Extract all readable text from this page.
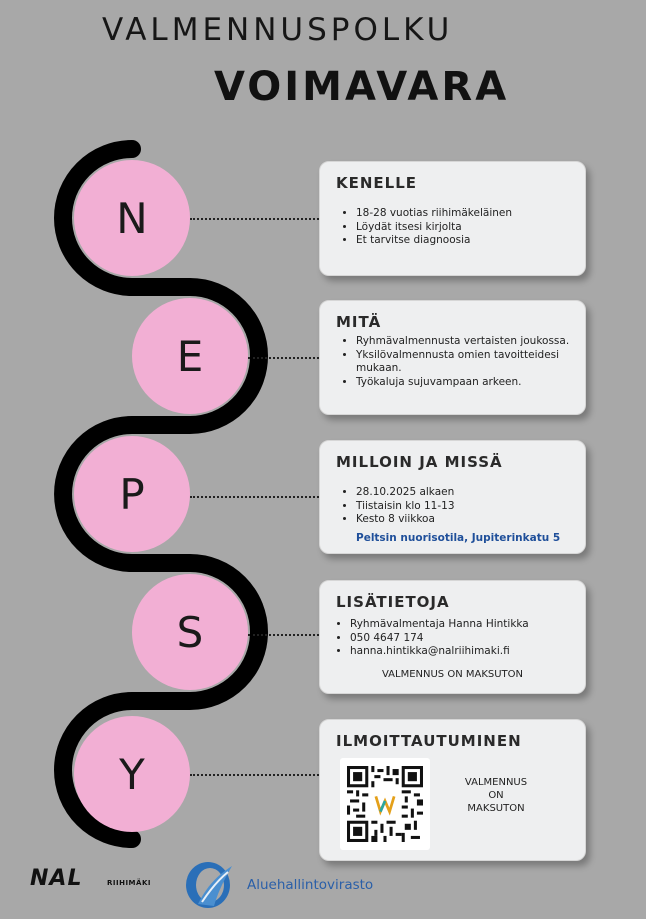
VALMENNUSPOLKU
VOIMAVARA
N
E
P
S
Y
KENELLE
• 18-28 vuotias riihimäkeläinen
• Löydät itsesi kirjolta
• Et tarvitse diagnoosia
MITÄ
• Ryhmävalmennusta vertaisten joukossa.
• Yksilövalmennusta omien tavoitteidesi mukaan.
• Työkaluja sujuvampaan arkeen.
MILLOIN JA MISSÄ
• 28.10.2025 alkaen
• Tiistaisin klo 11-13
• Kesto 8 viikkoa
Peltsin nuorisotila, Jupiterinkatu 5
LISÄTIETOJA
• Ryhmävalmentaja Hanna Hintikka
• 050 4647 174
• hanna.hintikka@nalriihimaki.fi
VALMENNUS ON MAKSUTON
ILMOITTAUTUMINEN
VALMENNUS
ON
MAKSUTON
NAL	RIIHIMÄKI	Aluehallintovirasto
